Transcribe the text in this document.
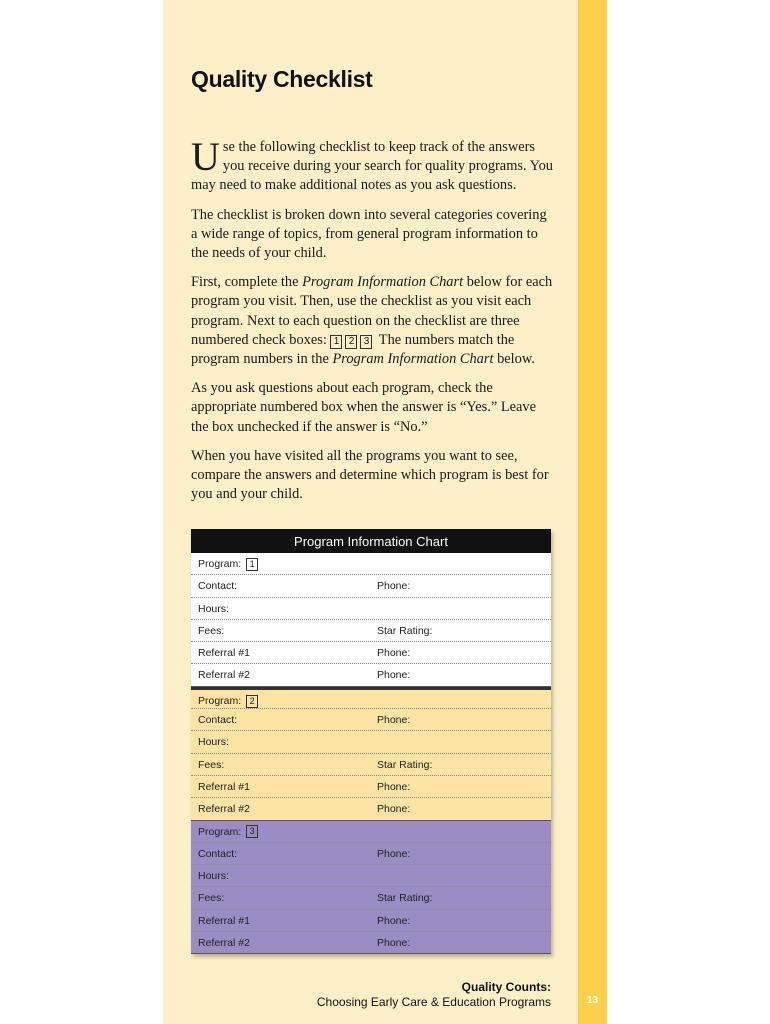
13
Quality Checklist

Use the following checklist to keep track of the answers you receive during your search for quality programs. You may need to make additional notes as you ask questions.

The checklist is broken down into several categories covering a wide range of topics, from general program information to the needs of your child.

First, complete the Program Information Chart below for each program you visit. Then, use the checklist as you visit each program. Next to each question on the checklist are three numbered check boxes: 1 2 3 The numbers match the program numbers in the Program Information Chart below.

As you ask questions about each program, check the appropriate numbered box when the answer is “Yes.” Leave the box unchecked if the answer is “No.”

When you have visited all the programs you want to see, compare the answers and determine which program is best for you and your child.

Program Information Chart
Program: 1
Contact:	Phone:
Hours:
Fees:	Star Rating:
Referral #1	Phone:
Referral #2	Phone:
Program: 2
Contact:	Phone:
Hours:
Fees:	Star Rating:
Referral #1	Phone:
Referral #2	Phone:
Program: 3
Contact:	Phone:
Hours:
Fees:	Star Rating:
Referral #1	Phone:
Referral #2	Phone:
Quality Counts:
Choosing Early Care & Education Programs
